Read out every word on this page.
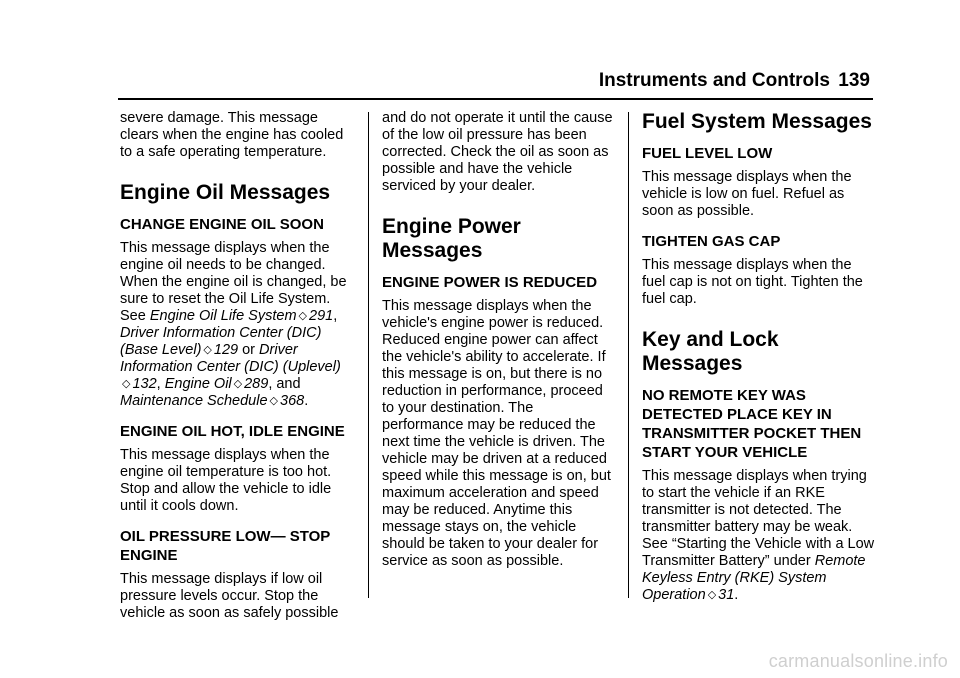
Instruments and Controls 139

severe damage. This message clears when the engine has cooled to a safe operating temperature.

Engine Oil Messages
CHANGE ENGINE OIL SOON

This message displays when the engine oil needs to be changed. When the engine oil is changed, be sure to reset the Oil Life System. See Engine Oil Life System ◇ 291, Driver Information Center (DIC) (Base Level) ◇ 129 or Driver Information Center (DIC) (Uplevel) ◇ 132, Engine Oil ◇ 289, and Maintenance Schedule ◇ 368.

ENGINE OIL HOT, IDLE ENGINE

This message displays when the engine oil temperature is too hot. Stop and allow the vehicle to idle until it cools down.

OIL PRESSURE LOW— STOP ENGINE

This message displays if low oil pressure levels occur. Stop the vehicle as soon as safely possible

and do not operate it until the cause of the low oil pressure has been corrected. Check the oil as soon as possible and have the vehicle serviced by your dealer.

Engine Power Messages
ENGINE POWER IS REDUCED

This message displays when the vehicle's engine power is reduced. Reduced engine power can affect the vehicle's ability to accelerate. If this message is on, but there is no reduction in performance, proceed to your destination. The performance may be reduced the next time the vehicle is driven. The vehicle may be driven at a reduced speed while this message is on, but maximum acceleration and speed may be reduced. Anytime this message stays on, the vehicle should be taken to your dealer for service as soon as possible.

Fuel System Messages
FUEL LEVEL LOW

This message displays when the vehicle is low on fuel. Refuel as soon as possible.

TIGHTEN GAS CAP

This message displays when the fuel cap is not on tight. Tighten the fuel cap.

Key and Lock Messages
NO REMOTE KEY WAS DETECTED PLACE KEY IN TRANSMITTER POCKET THEN START YOUR VEHICLE

This message displays when trying to start the vehicle if an RKE transmitter is not detected. The transmitter battery may be weak. See “Starting the Vehicle with a Low Transmitter Battery” under Remote Keyless Entry (RKE) System Operation ◇ 31.

carmanualsonline.info
